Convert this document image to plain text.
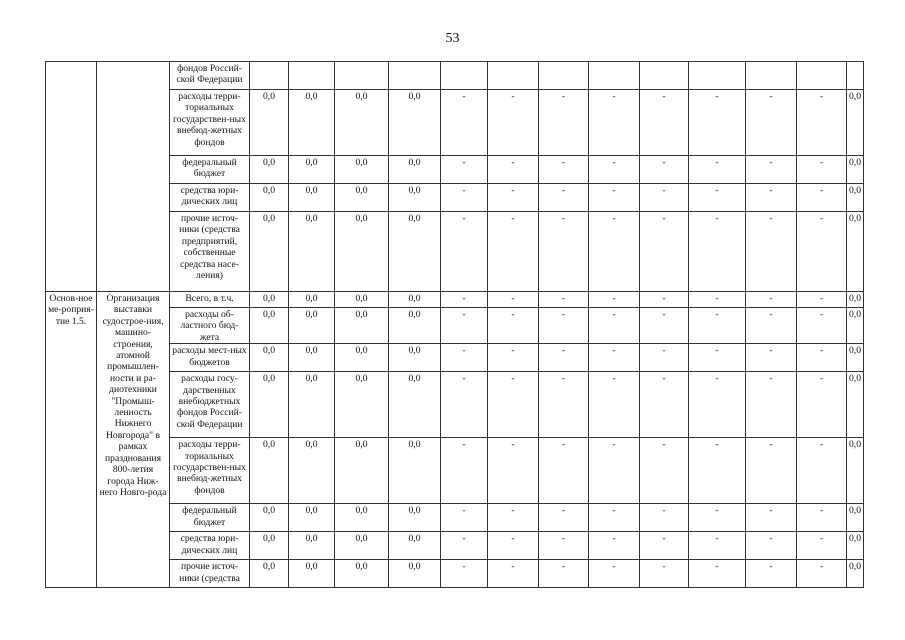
53
		фондов Россий-ской Федерации													
		расходы терри-ториальных государствен-ных внебюд-жетных фондов	0,0	0,0	0,0	0,0	-	-	-	-	-	-	-	-	0,0
		федеральный бюджет	0,0	0,0	0,0	0,0	-	-	-	-	-	-	-	-	0,0
		средства юри-дических лиц	0,0	0,0	0,0	0,0	-	-	-	-	-	-	-	-	0,0
		прочие источ-ники (средства предприятий, собственные средства насе-ления)	0,0	0,0	0,0	0,0	-	-	-	-	-	-	-	-	0,0
Основ-ное ме-роприя-тие 1.5.	Организация выставки судострое-ния, машино-строения, атомной промышлен-ности и ра-диотехники "Промыш-ленность Нижнего Новгорода" в рамках празднования 800-летия города Ниж-него Новго-рода	Всего, в т.ч.	0,0	0,0	0,0	0,0	-	-	-	-	-	-	-	-	0,0
		расходы об-ластного бюд-жета	0,0	0,0	0,0	0,0	-	-	-	-	-	-	-	-	0,0
		расходы мест-ных бюджетов	0,0	0,0	0,0	0,0	-	-	-	-	-	-	-	-	0,0
		расходы госу-дарственных внебюджетных фондов Россий-ской Федерации	0,0	0,0	0,0	0,0	-	-	-	-	-	-	-	-	0,0
		расходы терри-ториальных государствен-ных внебюд-жетных фондов	0,0	0,0	0,0	0,0	-	-	-	-	-	-	-	-	0,0
		федеральный бюджет	0,0	0,0	0,0	0,0	-	-	-	-	-	-	-	-	0,0
		средства юри-дических лиц	0,0	0,0	0,0	0,0	-	-	-	-	-	-	-	-	0,0
		прочие источ-ники (средства	0,0	0,0	0,0	0,0	-	-	-	-	-	-	-	-	0,0
